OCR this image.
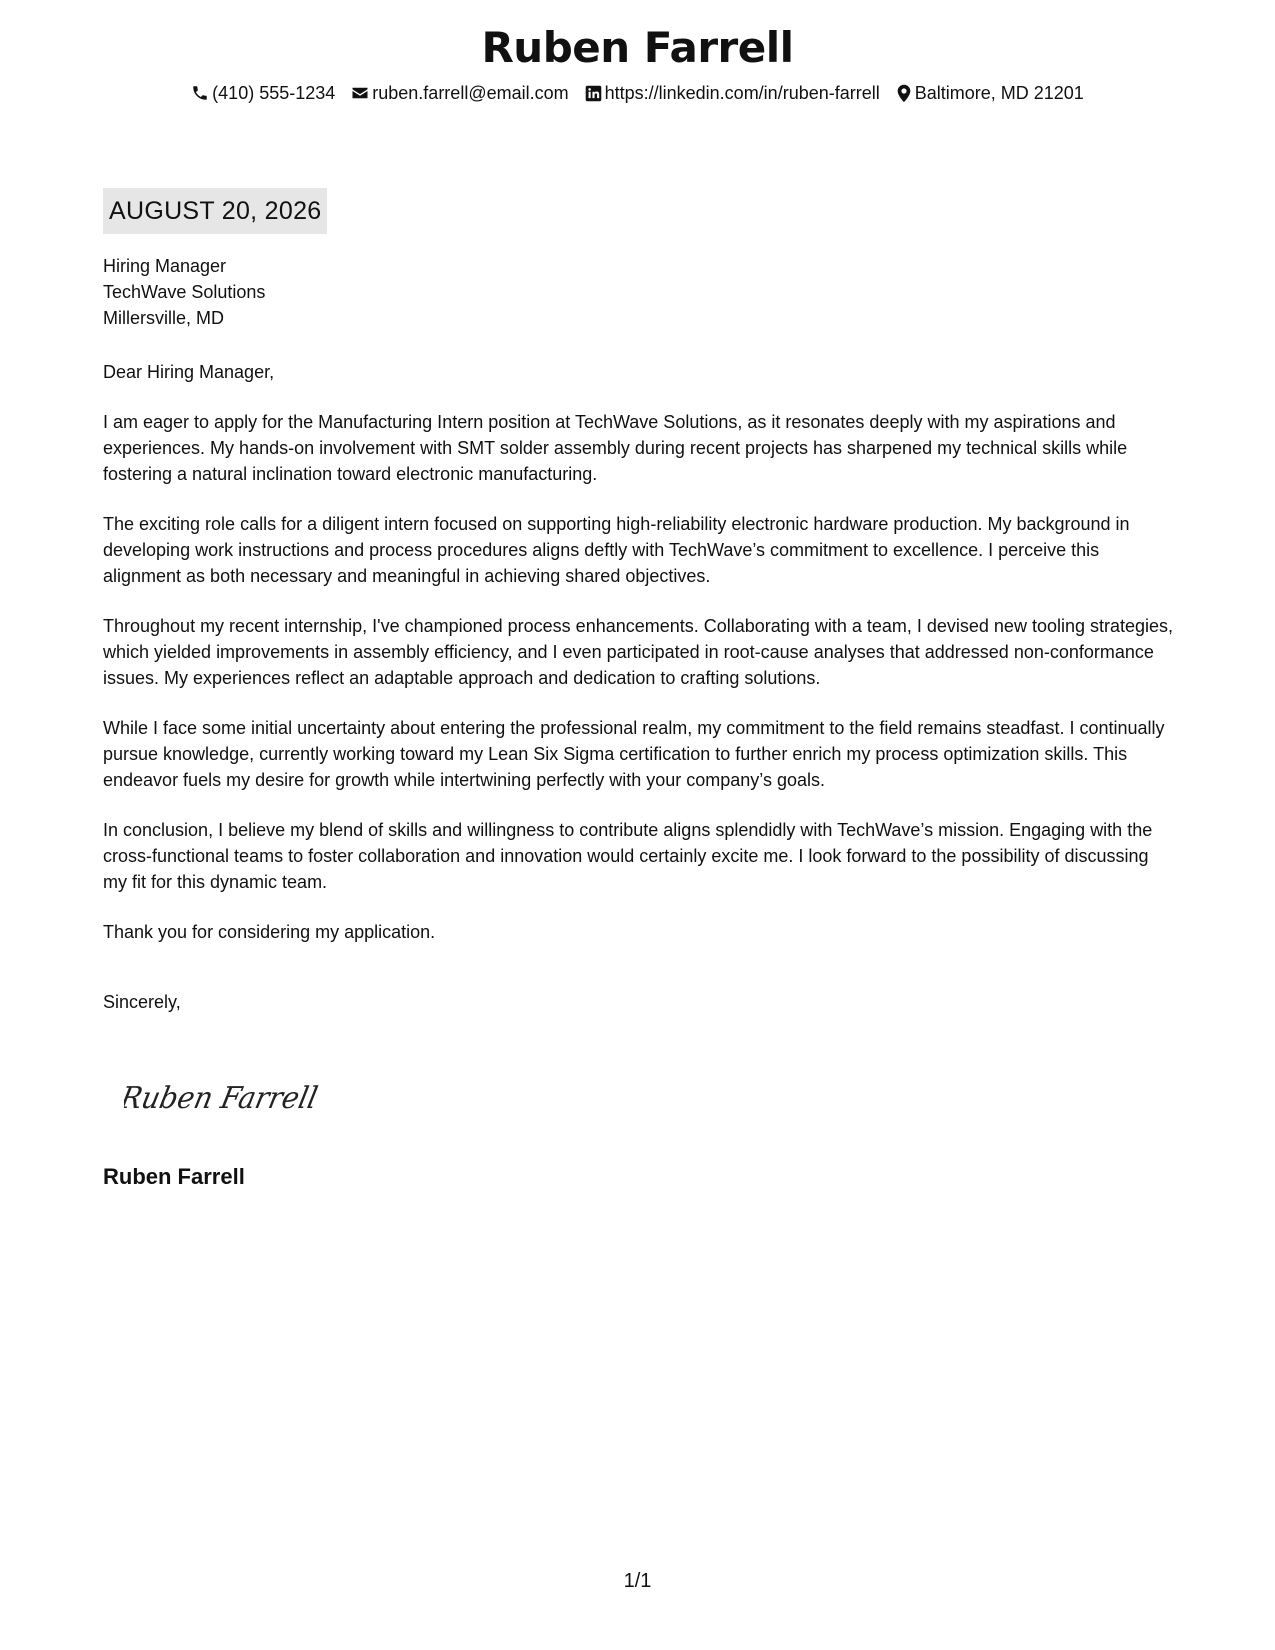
Ruben Farrell
(410) 555-1234 ruben.farrell@email.com https://linkedin.com/in/ruben-farrell Baltimore, MD 21201
AUGUST 20, 2026
Hiring Manager
TechWave Solutions
Millersville, MD

Dear Hiring Manager,

I am eager to apply for the Manufacturing Intern position at TechWave Solutions, as it resonates deeply with my aspirations and experiences. My hands-on involvement with SMT solder assembly during recent projects has sharpened my technical skills while fostering a natural inclination toward electronic manufacturing.

The exciting role calls for a diligent intern focused on supporting high-reliability electronic hardware production. My background in developing work instructions and process procedures aligns deftly with TechWave’s commitment to excellence. I perceive this alignment as both necessary and meaningful in achieving shared objectives.

Throughout my recent internship, I've championed process enhancements. Collaborating with a team, I devised new tooling strategies, which yielded improvements in assembly efficiency, and I even participated in root-cause analyses that addressed non-conformance issues. My experiences reflect an adaptable approach and dedication to crafting solutions.

While I face some initial uncertainty about entering the professional realm, my commitment to the field remains steadfast. I continually pursue knowledge, currently working toward my Lean Six Sigma certification to further enrich my process optimization skills. This endeavor fuels my desire for growth while intertwining perfectly with your company’s goals.

In conclusion, I believe my blend of skills and willingness to contribute aligns splendidly with TechWave’s mission. Engaging with the cross-functional teams to foster collaboration and innovation would certainly excite me. I look forward to the possibility of discussing my fit for this dynamic team.

Thank you for considering my application.

Sincerely,

Ruben Farrell
Ruben Farrell
1/1
